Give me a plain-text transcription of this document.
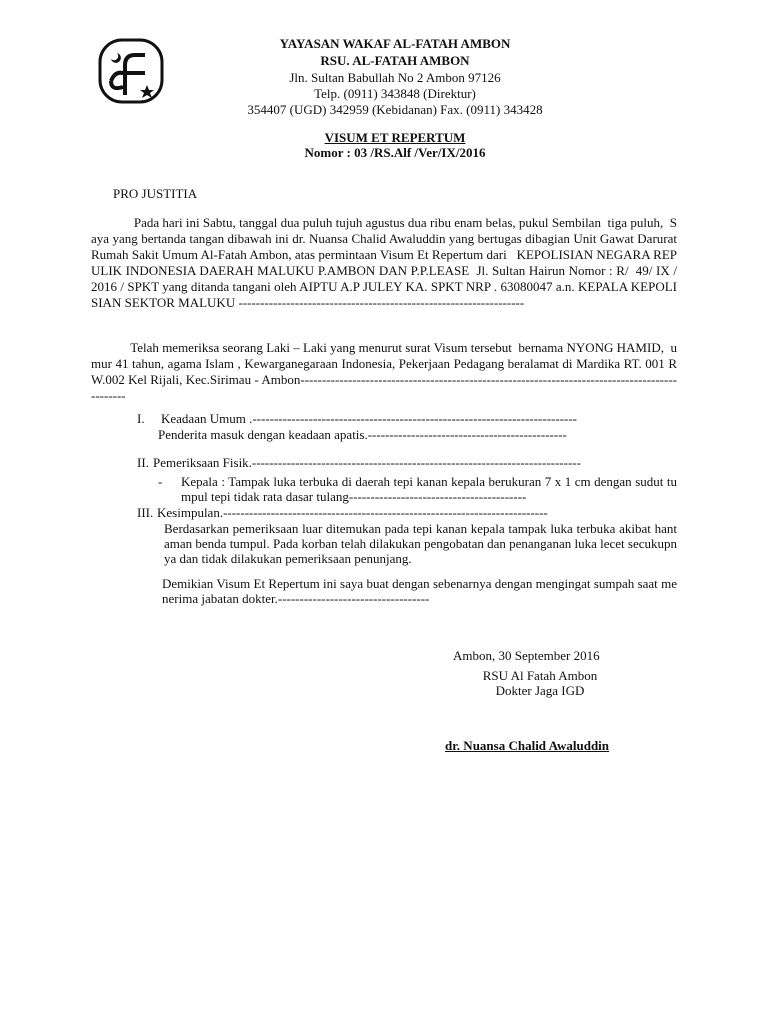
YAYASAN WAKAF AL-FATAH AMBON
RSU. AL-FATAH AMBON
Jln. Sultan Babullah No 2 Ambon 97126
Telp. (0911) 343848 (Direktur)
354407 (UGD) 342959 (Kebidanan) Fax. (0911) 343428
VISUM ET REPERTUM
Nomor : 03 /RS.Alf /Ver/IX/2016
PRO JUSTITIA
Pada hari ini Sabtu, tanggal dua puluh tujuh agustus dua ribu enam belas, pukul Sembilan  tiga puluh,  Saya yang bertanda tangan dibawah ini dr. Nuansa Chalid Awaluddin yang bertugas dibagian Unit Gawat Darurat Rumah Sakit Umum Al-Fatah Ambon, atas permintaan Visum Et Repertum dari   KEPOLISIAN NEGARA REPULIK INDONESIA DAERAH MALUKU P.AMBON DAN P.P.LEASE  Jl. Sultan Hairun Nomor : R/  49/ IX / 2016 / SPKT yang ditanda tangani oleh AIPTU A.P JULEY KA. SPKT NRP . 63080047 a.n. KEPALA KEPOLISIAN SEKTOR MALUKU ------------------------------------------------------------------
Telah memeriksa seorang Laki – Laki yang menurut surat Visum tersebut  bernama NYONG HAMID,  umur 41 tahun, agama Islam , Kewarganegaraan Indonesia, Pekerjaan Pedagang beralamat di Mardika RT. 001 RW.002 Kel Rijali, Kec.Sirimau - Ambon-----------------------------------------------------------------------------------------------
I. Keadaan Umum .---------------------------------------------------------------------------
Penderita masuk dengan keadaan apatis.----------------------------------------------
II. Pemeriksaan Fisik.----------------------------------------------------------------------------
- Kepala : Tampak luka terbuka di daerah tepi kanan kepala berukuran 7 x 1 cm dengan sudut tumpul tepi tidak rata dasar tulang-----------------------------------------
III. Kesimpulan.---------------------------------------------------------------------------
Berdasarkan pemeriksaan luar ditemukan pada tepi kanan kepala tampak luka terbuka akibat hantaman benda tumpul. Pada korban telah dilakukan pengobatan dan penanganan luka lecet secukupnya dan tidak dilakukan pemeriksaan penunjang.
Demikian Visum Et Repertum ini saya buat dengan sebenarnya dengan mengingat sumpah saat menerima jabatan dokter.-----------------------------------
Ambon, 30 September 2016
RSU Al Fatah Ambon
Dokter Jaga IGD
dr. Nuansa Chalid Awaluddin
